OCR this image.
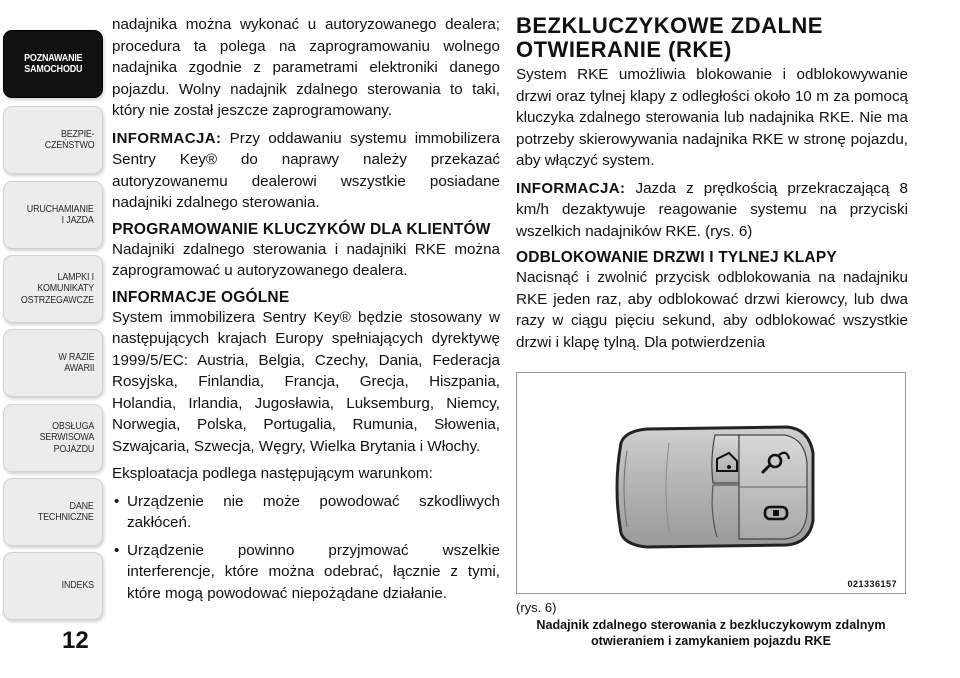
POZNAWANIE
SAMOCHODU
BEZPIE-
CZEŃSTWO
URUCHAMIANIE
I JAZDA
LAMPKI I
KOMUNIKATY
OSTRZEGAWCZE
W RAZIE
AWARII
OBSŁUGA
SERWISOWA
POJAZDU
DANE
TECHNICZNE
INDEKS
12

nadajnika można wykonać u autoryzowanego dealera; procedura ta polega na zaprogramowaniu wolnego nadajnika zgodnie z parametrami elektroniki danego pojazdu. Wolny nadajnik zdalnego sterowania to taki, który nie został jeszcze zaprogramowany.

INFORMACJA: Przy oddawaniu systemu immobilizera Sentry Key® do naprawy należy przekazać autoryzowanemu dealerowi wszystkie posiadane nadajniki zdalnego sterowania.

PROGRAMOWANIE KLUCZYKÓW DLA KLIENTÓW

Nadajniki zdalnego sterowania i nadajniki RKE można zaprogramować u autoryzowanego dealera.

INFORMACJE OGÓLNE

System immobilizera Sentry Key® będzie stosowany w następujących krajach Europy spełniających dyrektywę 1999/5/EC: Austria, Belgia, Czechy, Dania, Federacja Rosyjska, Finlandia, Francja, Grecja, Hiszpania, Holandia, Irlandia, Jugosławia, Luksemburg, Niemcy, Norwegia, Polska, Portugalia, Rumunia, Słowenia, Szwajcaria, Szwecja, Węgry, Wielka Brytania i Włochy.

Eksploatacja podlega następującym warunkom:

• Urządzenie nie może powodować szkodliwych zakłóceń.
• Urządzenie powinno przyjmować wszelkie interferencje, które można odebrać, łącznie z tymi, które mogą powodować niepożądane działanie.
BEZKLUCZYKOWE ZDALNE OTWIERANIE (RKE)

System RKE umożliwia blokowanie i odblokowywanie drzwi oraz tylnej klapy z odległości około 10 m za pomocą kluczyka zdalnego sterowania lub nadajnika RKE. Nie ma potrzeby skierowywania nadajnika RKE w stronę pojazdu, aby włączyć system.

INFORMACJA: Jazda z prędkością przekraczającą 8 km/h dezaktywuje reagowanie systemu na przyciski wszelkich nadajników RKE. (rys. 6)

ODBLOKOWANIE DRZWI I TYLNEJ KLAPY

Nacisnąć i zwolnić przycisk odblokowania na nadajniku RKE jeden raz, aby odblokować drzwi kierowcy, lub dwa razy w ciągu pięciu sekund, aby odblokować wszystkie drzwi i klapę tylną. Dla potwierdzenia

021336157
(rys. 6)
Nadajnik zdalnego sterowania z bezkluczykowym zdalnym otwieraniem i zamykaniem pojazdu RKE
